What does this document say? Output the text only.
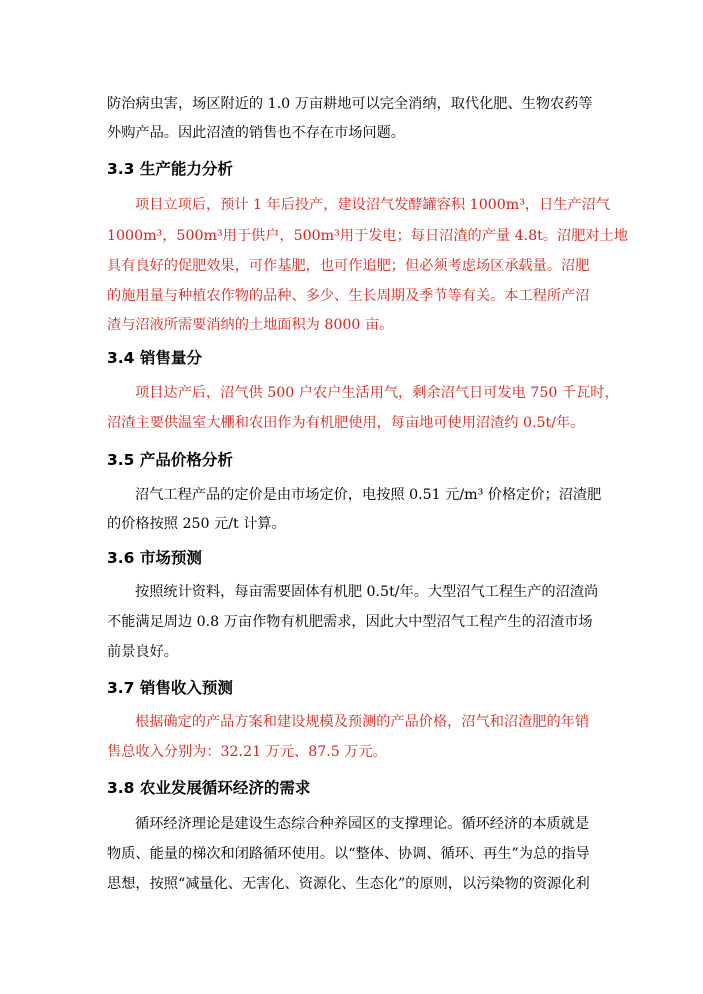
防治病虫害，场区附近的 1.0 万亩耕地可以完全消纳，取代化肥、生物农药等
外购产品。因此沼渣的销售也不存在市场问题。
3.3 生产能力分析
项目立项后，预计 1 年后投产，建设沼气发酵罐容积 1000m³，日生产沼气
1000m³，500m³用于供户，500m³用于发电；每日沼渣的产量 4.8t。沼肥对土地
具有良好的促肥效果，可作基肥，也可作追肥；但必须考虑场区承载量。沼肥
的施用量与种植农作物的品种、多少、生长周期及季节等有关。本工程所产沼
渣与沼液所需要消纳的土地面积为 8000 亩。
3.4 销售量分
项目达产后，沼气供 500 户农户生活用气，剩余沼气日可发电 750 千瓦时，
沼渣主要供温室大棚和农田作为有机肥使用，每亩地可使用沼渣约 0.5t/年。
3.5 产品价格分析
沼气工程产品的定价是由市场定价，电按照 0.51 元/m³ 价格定价；沼渣肥
的价格按照 250 元/t 计算。
3.6 市场预测
按照统计资料，每亩需要固体有机肥 0.5t/年。大型沼气工程生产的沼渣尚
不能满足周边 0.8 万亩作物有机肥需求，因此大中型沼气工程产生的沼渣市场
前景良好。
3.7 销售收入预测
根据确定的产品方案和建设规模及预测的产品价格，沼气和沼渣肥的年销
售总收入分别为：32.21 万元、87.5 万元。
3.8 农业发展循环经济的需求
循环经济理论是建设生态综合种养园区的支撑理论。循环经济的本质就是
物质、能量的梯次和闭路循环使用。以“整体、协调、循环、再生”为总的指导
思想，按照“减量化、无害化、资源化、生态化”的原则，以污染物的资源化利
